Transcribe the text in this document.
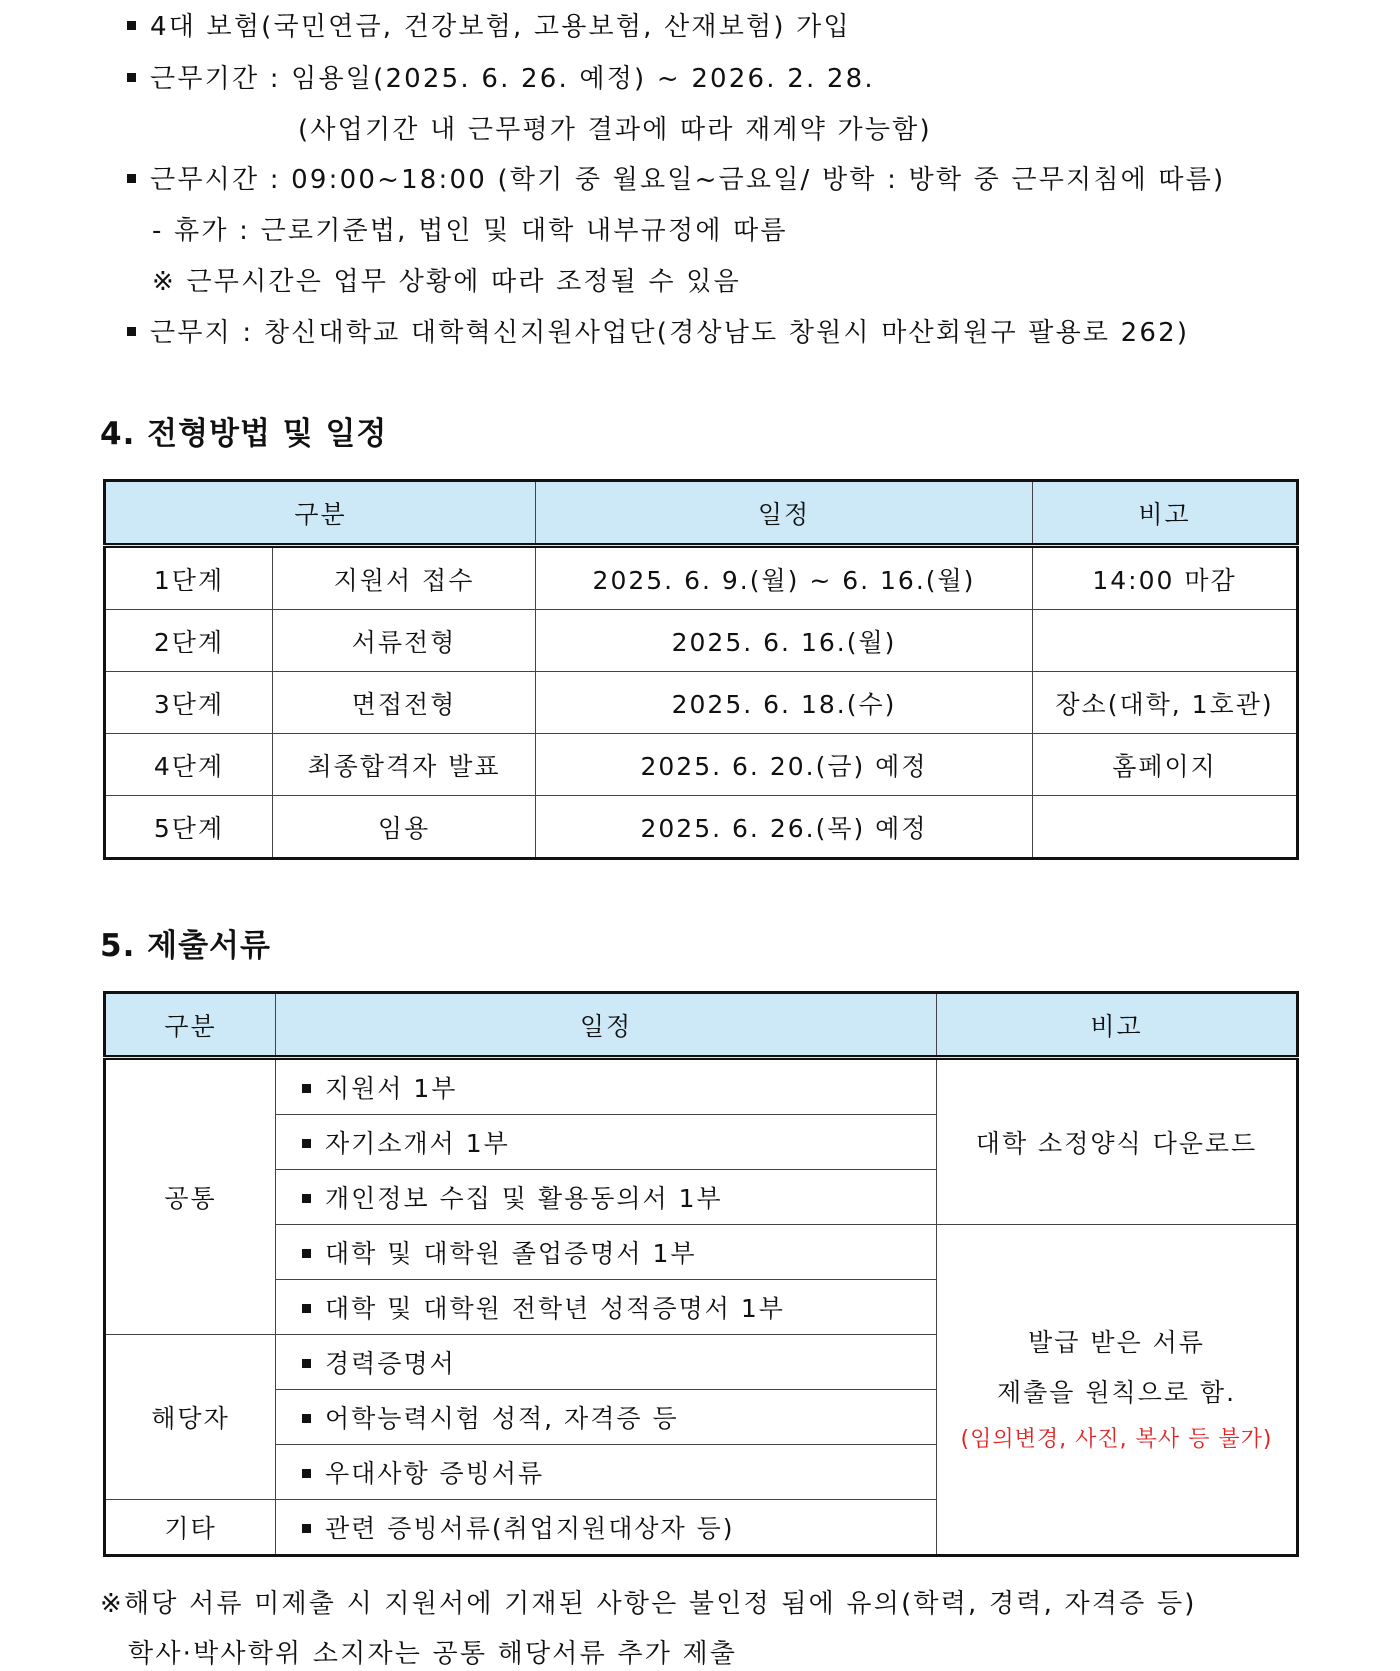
4대 보험(국민연금, 건강보험, 고용보험, 산재보험) 가입
근무기간 : 임용일(2025. 6. 26. 예정) ~ 2026. 2. 28.
(사업기간 내 근무평가 결과에 따라 재계약 가능함)
근무시간 : 09:00~18:00 (학기 중 월요일~금요일/ 방학 : 방학 중 근무지침에 따름)
- 휴가 : 근로기준법, 법인 및 대학 내부규정에 따름
※ 근무시간은 업무 상황에 따라 조정될 수 있음
근무지 : 창신대학교 대학혁신지원사업단(경상남도 창원시 마산회원구 팔용로 262)
4. 전형방법 및 일정
구분		일정	비고
1단계	지원서 접수	2025. 6. 9.(월) ~ 6. 16.(월)	14:00 마감
2단계	서류전형	2025. 6. 16.(월)	
3단계	면접전형	2025. 6. 18.(수)	장소(대학, 1호관)
4단계	최종합격자 발표	2025. 6. 20.(금) 예정	홈페이지
5단계	임용	2025. 6. 26.(목) 예정	
5. 제출서류
구분	일정	비고
공통	지원서 1부	대학 소정양식 다운로드
	자기소개서 1부	
	개인정보 수집 및 활용동의서 1부	
	대학 및 대학원 졸업증명서 1부	발급 받은 서류
제출을 원칙으로 함.
(임의변경, 사진, 복사 등 불가)

	대학 및 대학원 전학년 성적증명서 1부	
해당자	경력증명서	
	어학능력시험 성적, 자격증 등	
	우대사항 증빙서류	
기타	관련 증빙서류(취업지원대상자 등)	
※해당 서류 미제출 시 지원서에 기재된 사항은 불인정 됨에 유의(학력, 경력, 자격증 등)
학사·박사학위 소지자는 공통 해당서류 추가 제출
